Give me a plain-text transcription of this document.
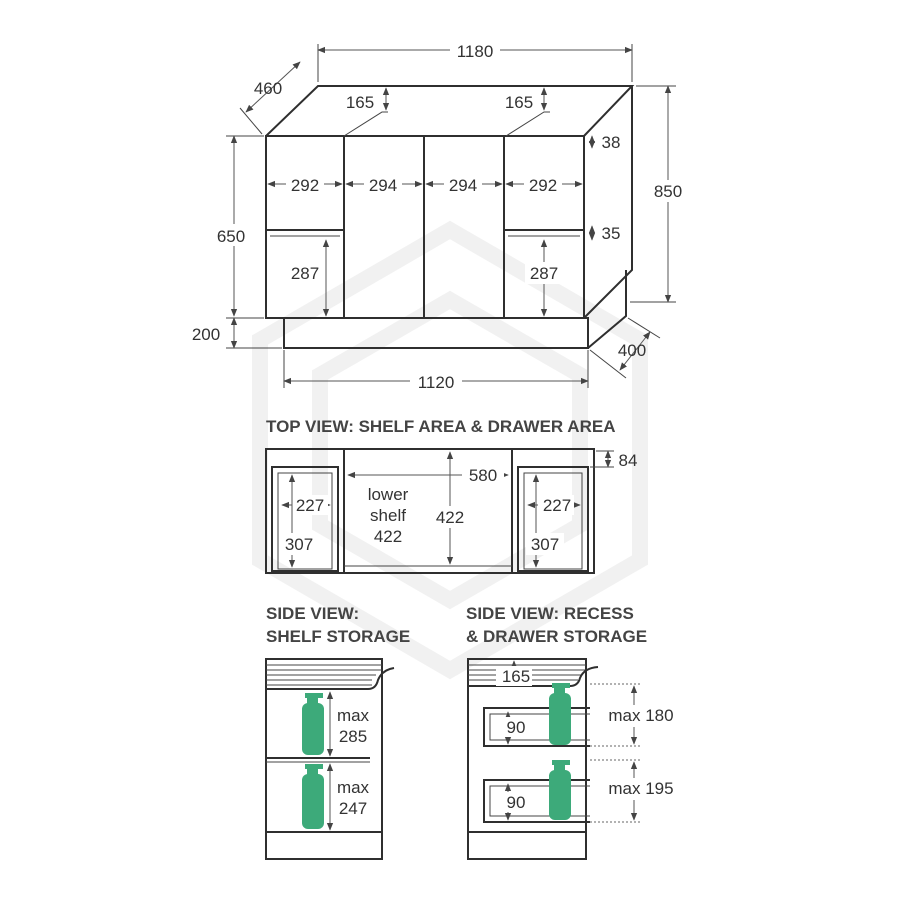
1180
460
850
650
200
165	165
38
35
292	294	294	292
287	287
400
1120
TOP VIEW: SHELF AREA & DRAWER AREA
84
580
lower
shelf
422
422
227
307
227
307
SIDE VIEW:
SHELF STORAGE
max
285
max
247
SIDE VIEW: RECESS
& DRAWER STORAGE
165
90
90
max 180
max 195
